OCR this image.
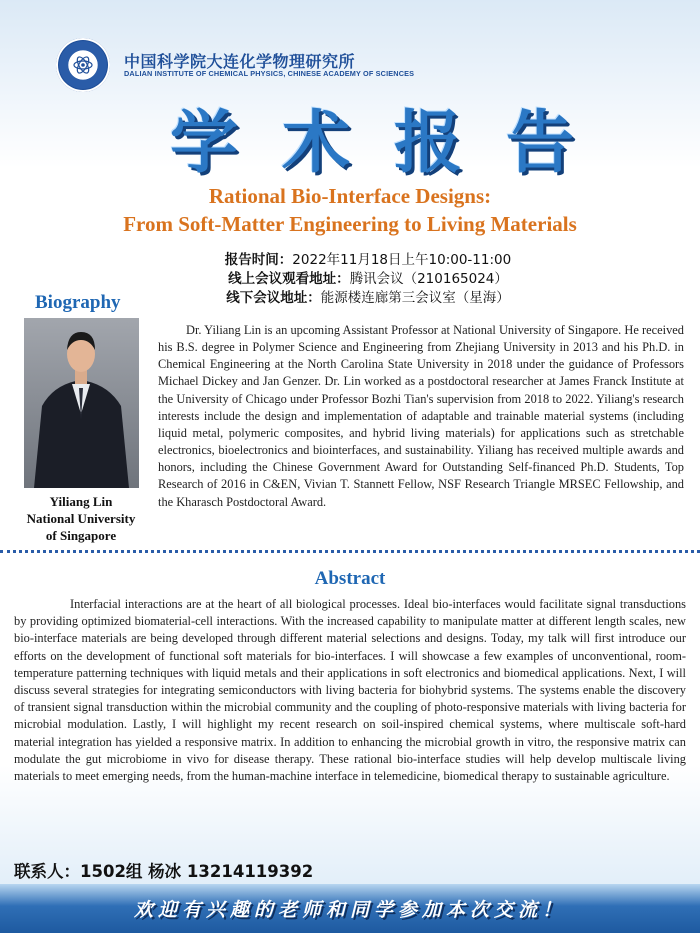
中国科学院大连化学物理研究所
DALIAN INSTITUTE OF CHEMICAL PHYSICS, CHINESE ACADEMY OF SCIENCES
学术报告
Rational Bio-Interface Designs:
From Soft-Matter Engineering to Living Materials
报告时间：2022年11月18日上午10:00-11:00
线上会议观看地址：腾讯会议（210165024）
线下会议地址：能源楼连廊第三会议室（星海）
Biography
Yiliang Lin
National University
of Singapore
Dr. Yiliang Lin is an upcoming Assistant Professor at National University of Singapore. He received his B.S. degree in Polymer Science and Engineering from Zhejiang University in 2013 and his Ph.D. in Chemical Engineering at the North Carolina State University in 2018 under the guidance of Professors Michael Dickey and Jan Genzer. Dr. Lin worked as a postdoctoral researcher at James Franck Institute at the University of Chicago under Professor Bozhi Tian's supervision from 2018 to 2022. Yiliang's research interests include the design and implementation of adaptable and trainable material systems (including liquid metal, polymeric composites, and hybrid living materials) for applications such as stretchable electronics, bioelectronics and biointerfaces, and sustainability. Yiliang has received multiple awards and honors, including the Chinese Government Award for Outstanding Self-financed Ph.D. Students, Top Research of 2016 in C&EN, Vivian T. Stannett Fellow, NSF Research Triangle MRSEC Fellowship, and the Kharasch Postdoctoral Award.
Abstract
Interfacial interactions are at the heart of all biological processes. Ideal bio-interfaces would facilitate signal transductions by providing optimized biomaterial-cell interactions. With the increased capability to manipulate matter at different length scales, new bio-interface materials are being developed through different material selections and designs. Today, my talk will first introduce our efforts on the development of functional soft materials for bio-interfaces. I will showcase a few examples of unconventional, room-temperature patterning techniques with liquid metals and their applications in soft electronics and biomedical applications. Next, I will discuss several strategies for integrating semiconductors with living bacteria for biohybrid systems. The systems enable the discovery of transient signal transduction within the microbial community and the coupling of photo-responsive materials with living bacteria for microbial modulation. Lastly, I will highlight my recent research on soil-inspired chemical systems, where multiscale soft-hard material integration has yielded a responsive matrix. In addition to enhancing the microbial growth in vitro, the responsive matrix can modulate the gut microbiome in vivo for disease therapy. These rational bio-interface studies will help develop multiscale living materials to meet emerging needs, from the human-machine interface in telemedicine, biomedical therapy to sustainable agriculture.
联系人：1502组 杨冰 13214119392
欢迎有兴趣的老师和同学参加本次交流！
